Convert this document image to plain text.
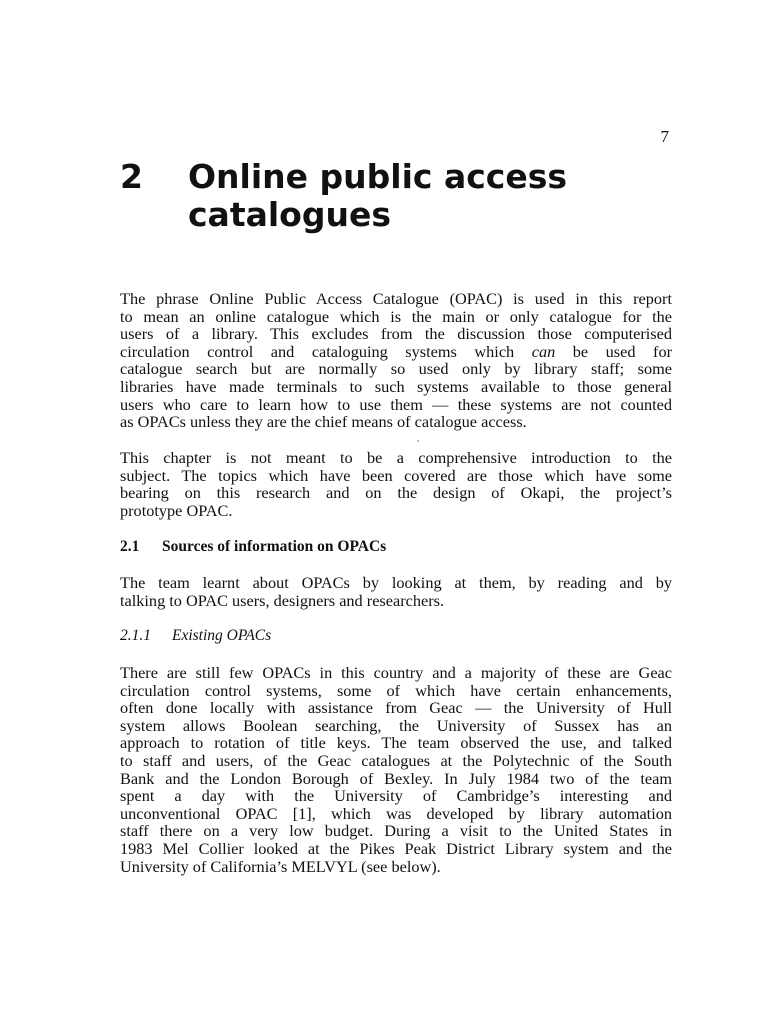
7
2	Online public access
catalogues
The phrase Online Public Access Catalogue (OPAC) is used in this report
to mean an online catalogue which is the main or only catalogue for the
users of a library. This excludes from the discussion those computerised
circulation control and cataloguing systems which can be used for
catalogue search but are normally so used only by library staff; some
libraries have made terminals to such systems available to those general
users who care to learn how to use them — these systems are not counted
as OPACs unless they are the chief means of catalogue access.
This chapter is not meant to be a comprehensive introduction to the
subject. The topics which have been covered are those which have some
bearing on this research and on the design of Okapi, the project’s
prototype OPAC.
2.1	Sources of information on OPACs
The team learnt about OPACs by looking at them, by reading and by
talking to OPAC users, designers and researchers.
2.1.1	Existing OPACs
There are still few OPACs in this country and a majority of these are Geac
circulation control systems, some of which have certain enhancements,
often done locally with assistance from Geac — the University of Hull
system allows Boolean searching, the University of Sussex has an
approach to rotation of title keys. The team observed the use, and talked
to staff and users, of the Geac catalogues at the Polytechnic of the South
Bank and the London Borough of Bexley. In July 1984 two of the team
spent a day with the University of Cambridge’s interesting and
unconventional OPAC [1], which was developed by library automation
staff there on a very low budget. During a visit to the United States in
1983 Mel Collier looked at the Pikes Peak District Library system and the
University of California’s MELVYL (see below).
